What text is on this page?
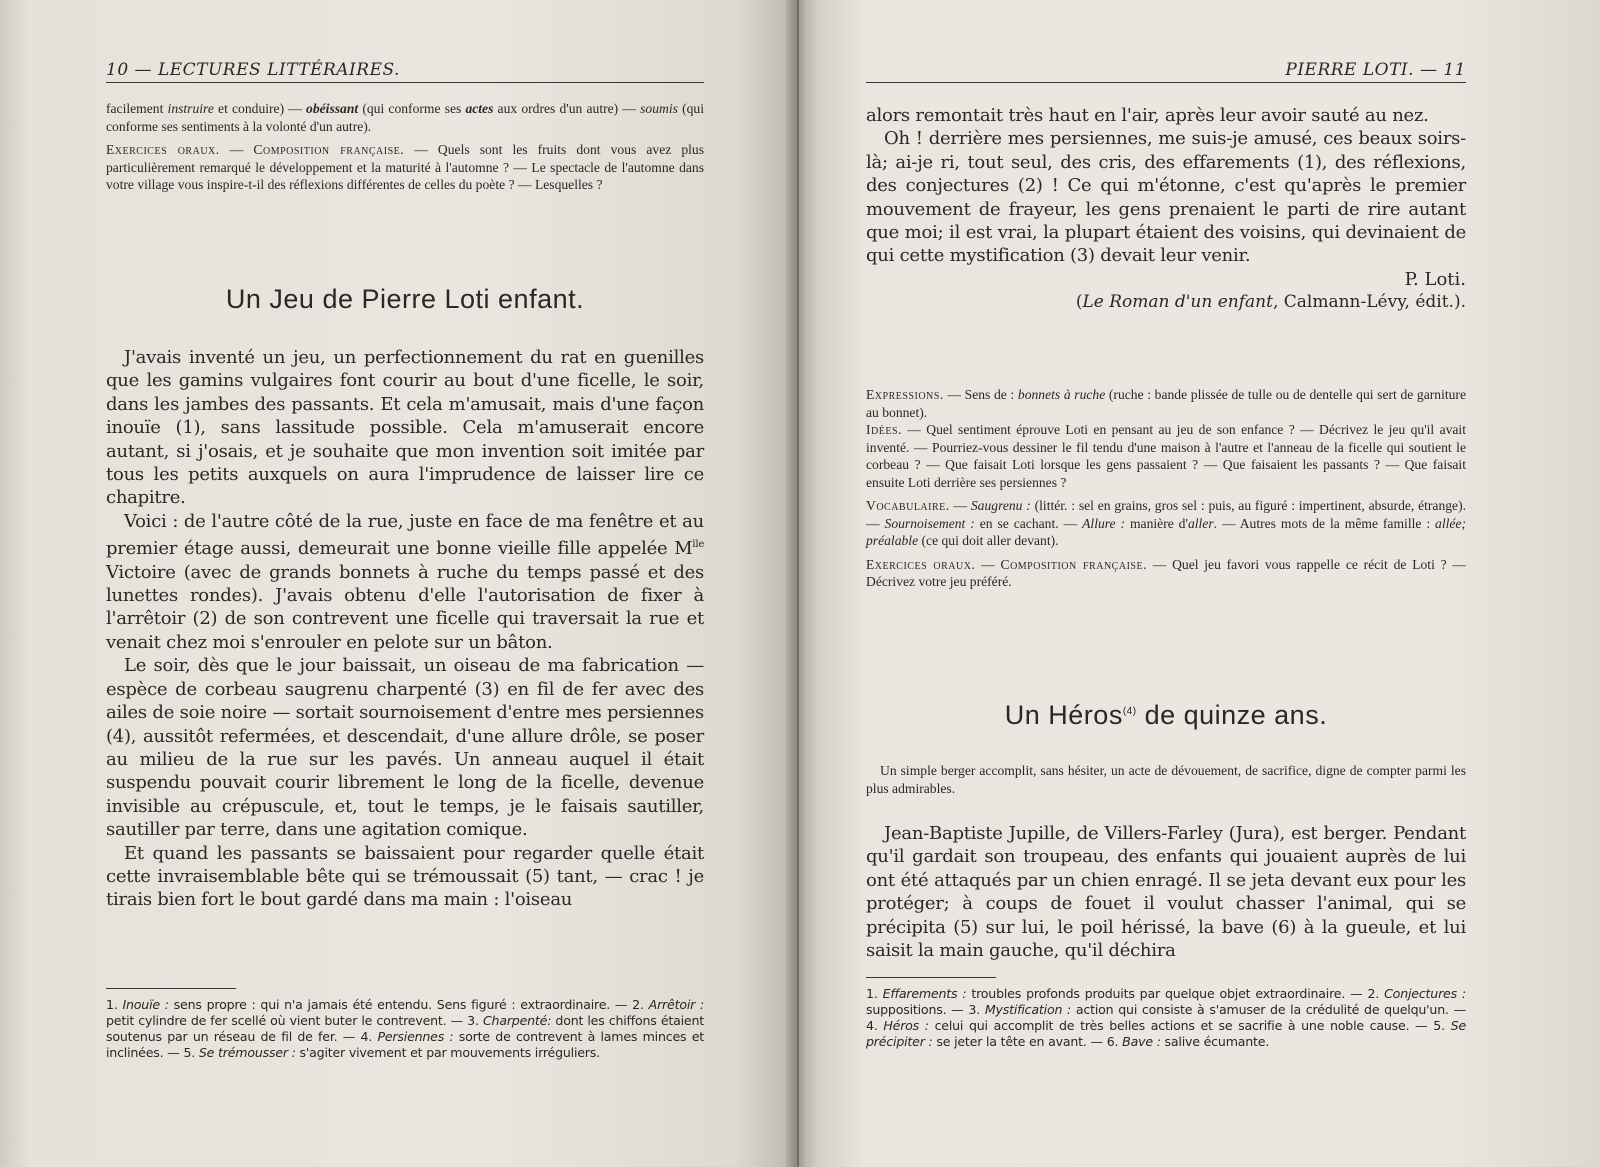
10 — LECTURES LITTÉRAIRES.

facilement instruire et conduire) — obéissant (qui conforme ses actes aux ordres d'un autre) — soumis (qui conforme ses sentiments à la volonté d'un autre).

Exercices oraux. — Composition française. — Quels sont les fruits dont vous avez plus particulièrement remarqué le développement et la maturité à l'automne ? — Le spectacle de l'automne dans votre village vous inspire-t-il des réflexions différentes de celles du poète ? — Lesquelles ?

Un Jeu de Pierre Loti enfant.

J'avais inventé un jeu, un perfectionnement du rat en guenilles que les gamins vulgaires font courir au bout d'une ficelle, le soir, dans les jambes des passants. Et cela m'amusait, mais d'une façon inouïe (1), sans lassitude possible. Cela m'amuserait encore autant, si j'osais, et je souhaite que mon invention soit imitée par tous les petits auxquels on aura l'imprudence de laisser lire ce chapitre.

Voici : de l'autre côté de la rue, juste en face de ma fenêtre et au premier étage aussi, demeurait une bonne vieille fille appelée $M^{lle}$ Victoire (avec de grands bonnets à ruche du temps passé et des lunettes rondes). J'avais obtenu d'elle l'autorisation de fixer à l'arrêtoir (2) de son contrevent une ficelle qui traversait la rue et venait chez moi s'enrouler en pelote sur un bâton.

Le soir, dès que le jour baissait, un oiseau de ma fabrication — espèce de corbeau saugrenu charpenté (3) en fil de fer avec des ailes de soie noire — sortait sournoisement d'entre mes persiennes (4), aussitôt refermées, et descendait, d'une allure drôle, se poser au milieu de la rue sur les pavés. Un anneau auquel il était suspendu pouvait courir librement le long de la ficelle, devenue invisible au crépuscule, et, tout le temps, je le faisais sautiller, sautiller par terre, dans une agitation comique.

Et quand les passants se baissaient pour regarder quelle était cette invraisemblable bête qui se trémoussait (5) tant, — crac ! je tirais bien fort le bout gardé dans ma main : l'oiseau

1. Inouïe : sens propre : qui n'a jamais été entendu. Sens figuré : extraordinaire. — 2. Arrêtoir : petit cylindre de fer scellé où vient buter le contrevent. — 3. Charpenté: dont les chiffons étaient soutenus par un réseau de fil de fer. — 4. Persiennes : sorte de contrevent à lames minces et inclinées. — 5. Se trémousser : s'agiter vivement et par mouvements irréguliers.

PIERRE LOTI. — 11

alors remontait très haut en l'air, après leur avoir sauté au nez.

Oh ! derrière mes persiennes, me suis-je amusé, ces beaux soirs-là; ai-je ri, tout seul, des cris, des effarements (1), des réflexions, des conjectures (2) ! Ce qui m'étonne, c'est qu'après le premier mouvement de frayeur, les gens prenaient le parti de rire autant que moi; il est vrai, la plupart étaient des voisins, qui devinaient de qui cette mystification (3) devait leur venir.

P. Loti.

(Le Roman d'un enfant, Calmann-Lévy, édit.).

Expressions. — Sens de : bonnets à ruche (ruche : bande plissée de tulle ou de dentelle qui sert de garniture au bonnet).

Idées. — Quel sentiment éprouve Loti en pensant au jeu de son enfance ? — Décrivez le jeu qu'il avait inventé. — Pourriez-vous dessiner le fil tendu d'une maison à l'autre et l'anneau de la ficelle qui soutient le corbeau ? — Que faisait Loti lorsque les gens passaient ? — Que faisaient les passants ? — Que faisait ensuite Loti derrière ses persiennes ?

Vocabulaire. — Saugrenu : (littér. : sel en grains, gros sel : puis, au figuré : impertinent, absurde, étrange). — Sournoisement : en se cachant. — Allure : manière d'aller. — Autres mots de la même famille : allée; préalable (ce qui doit aller devant).

Exercices oraux. — Composition française. — Quel jeu favori vous rappelle ce récit de Loti ? — Décrivez votre jeu préféré.

Un Héros$^{(4)}$ de quinze ans.

Un simple berger accomplit, sans hésiter, un acte de dévouement, de sacrifice, digne de compter parmi les plus admirables.

Jean-Baptiste Jupille, de Villers-Farley (Jura), est berger. Pendant qu'il gardait son troupeau, des enfants qui jouaient auprès de lui ont été attaqués par un chien enragé. Il se jeta devant eux pour les protéger; à coups de fouet il voulut chasser l'animal, qui se précipita (5) sur lui, le poil hérissé, la bave (6) à la gueule, et lui saisit la main gauche, qu'il déchira

1. Effarements : troubles profonds produits par quelque objet extraordinaire. — 2. Conjectures : suppositions. — 3. Mystification : action qui consiste à s'amuser de la crédulité de quelqu'un. — 4. Héros : celui qui accomplit de très belles actions et se sacrifie à une noble cause. — 5. Se précipiter : se jeter la tête en avant. — 6. Bave : salive écumante.
